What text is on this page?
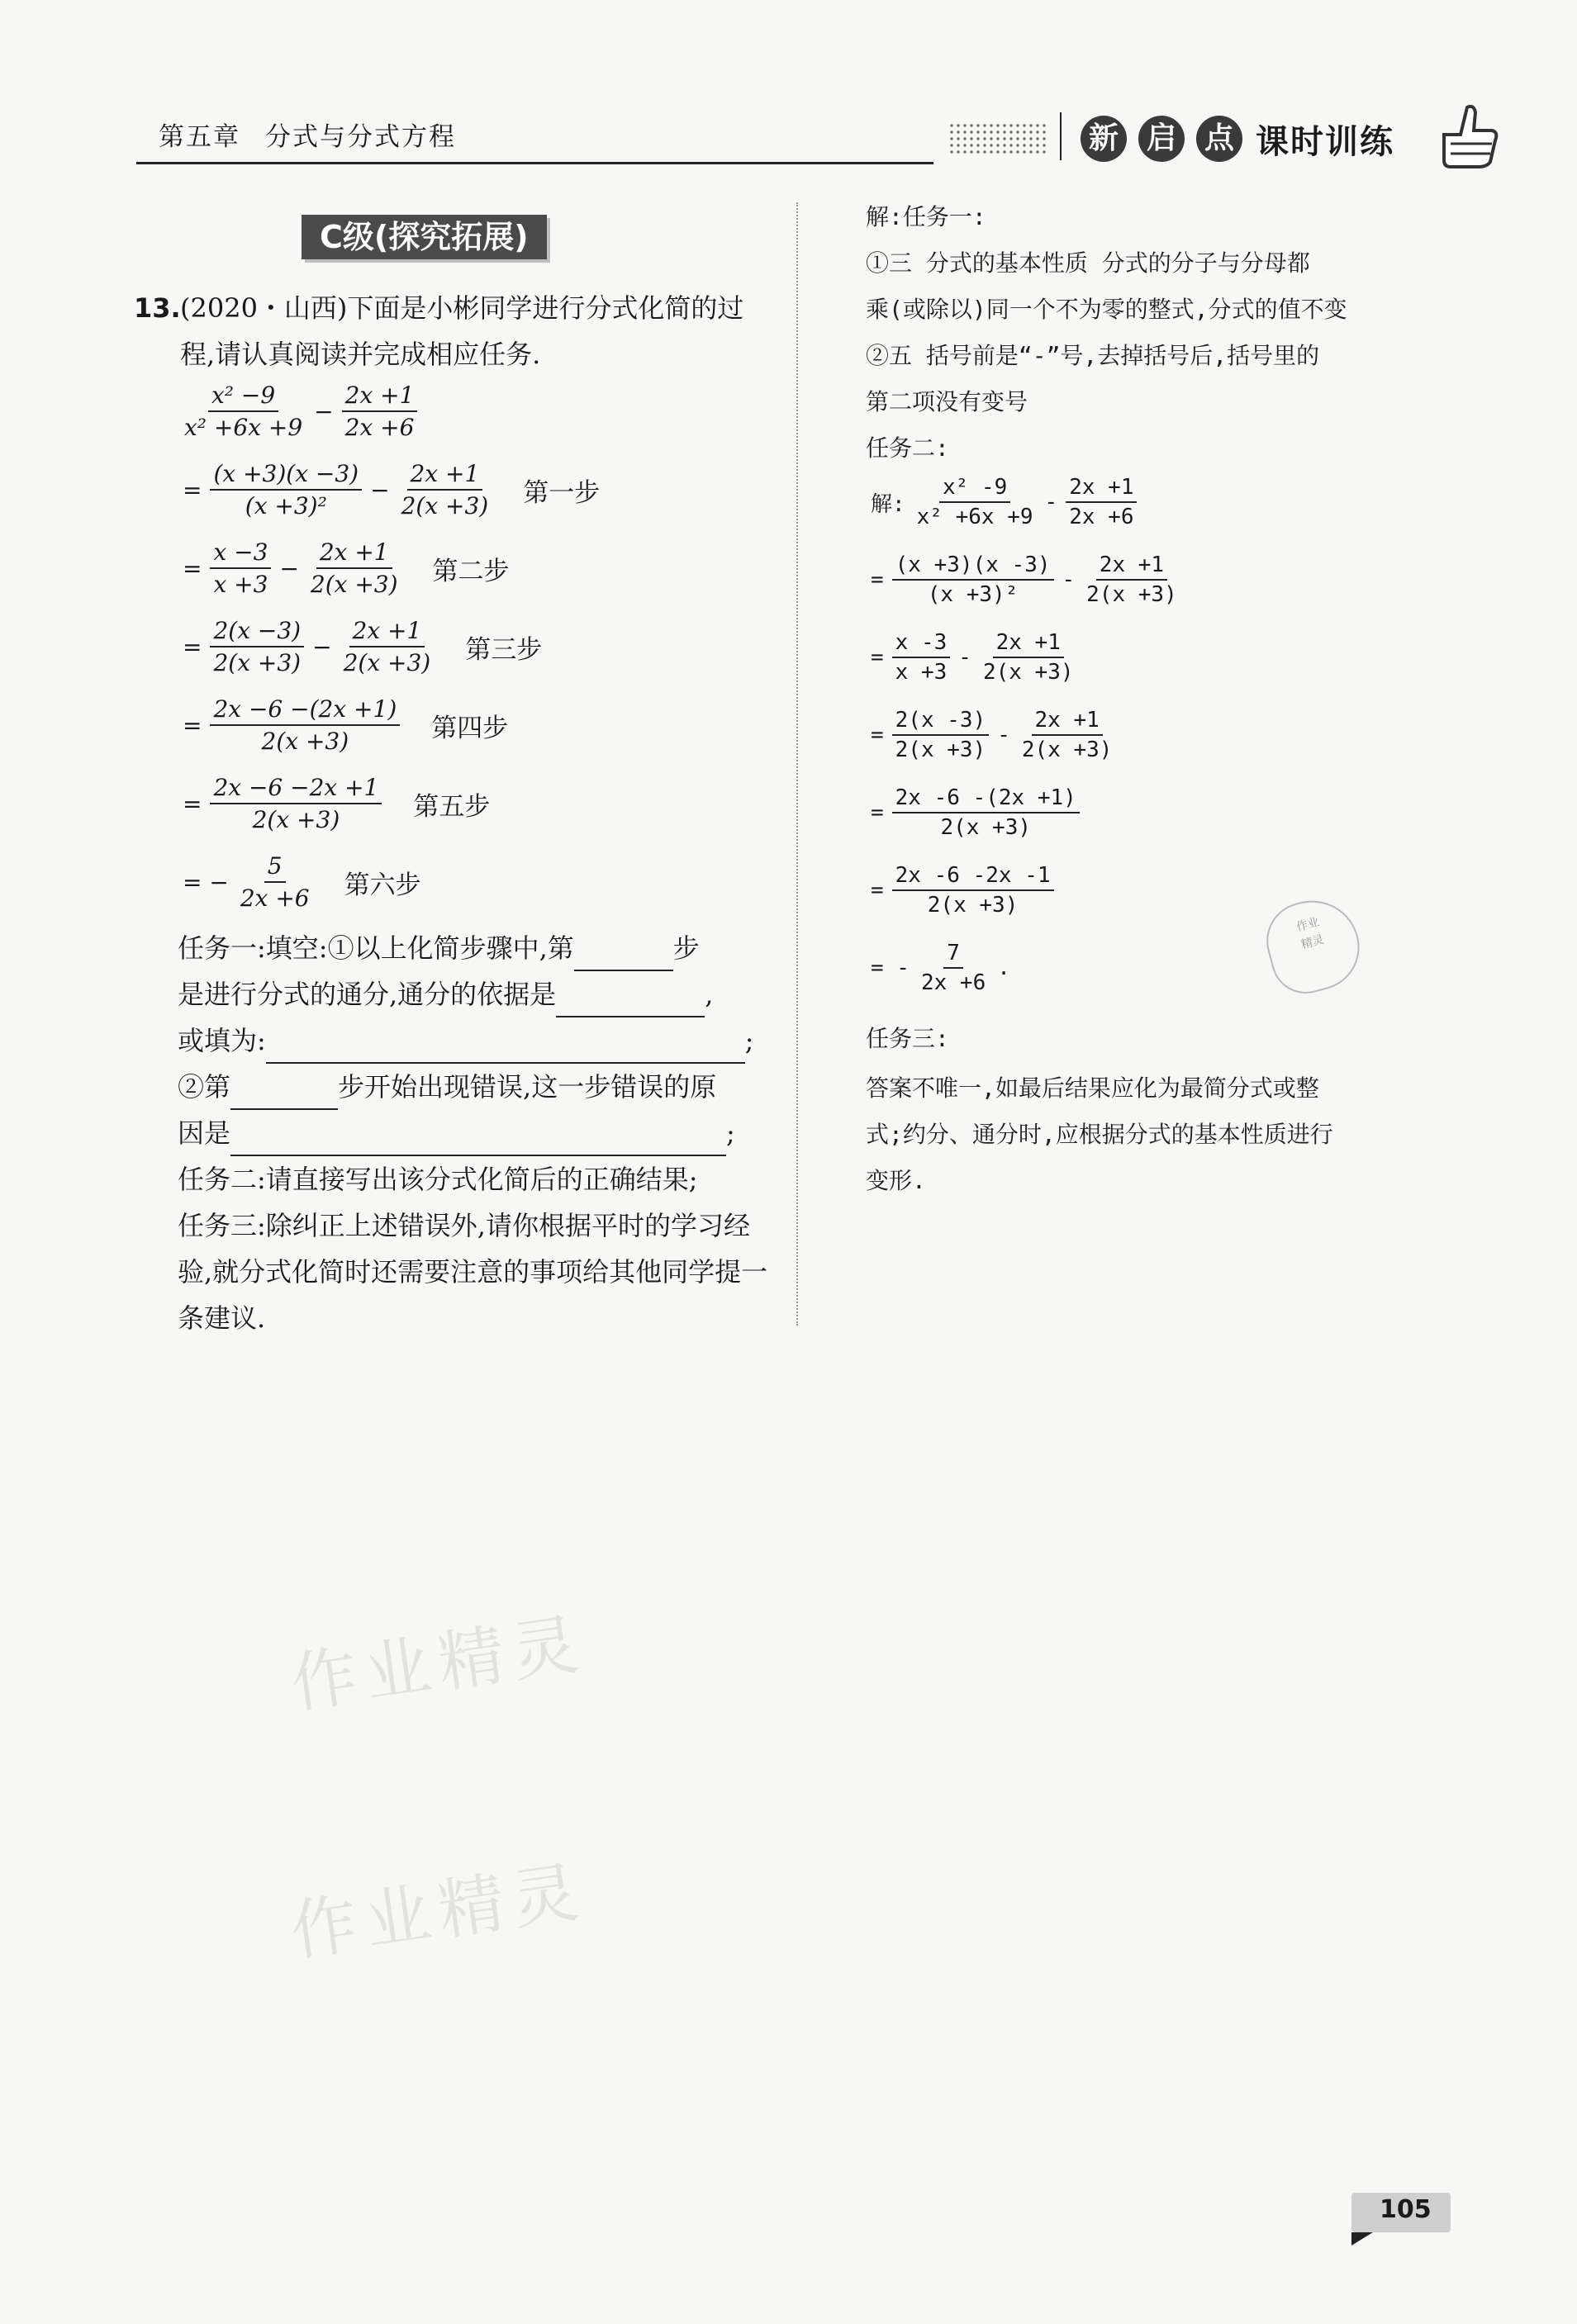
第五章 分式与分式方程	新 启 点 课时训练
C级(探究拓展)
13. (2020・山西)下面是小彬同学进行分式化简的过程,请认真阅读并完成相应任务.
$\frac{\text{x² −9}}{\text{x² +6x +9}} - \frac{2x +1}{2x +6}$
= $\frac{(x +3)(x -3)}{\text{(x +3)²}} - \frac{2x +1}{2(x +3)}$ 第一步
= $\frac{x -3}{x +3} - \frac{2x +1}{2(x +3)}$ 第二步
= $\frac{2(x -3)}{2(x +3)} - \frac{2x +1}{2(x +3)}$ 第三步
= $\frac{2x -6 -(2x +1)}{2(x +3)}$ 第四步
= $\frac{2x -6 -2x +1}{2(x +3)}$ 第五步
= − $\frac{5}{2x +6}$ 第六步
任务一:填空:①以上化简步骤中,第	步
是进行分式的通分,通分的依据是	,
或填为:	;
②第	步开始出现错误,这一步错误的原
因是	;
任务二:请直接写出该分式化简后的正确结果;
任务三:除纠正上述错误外,请你根据平时的学习经验,就分式化简时还需要注意的事项给其他同学提一条建议.
解:任务一:
①三 分式的基本性质 分式的分子与分母都
乘(或除以)同一个不为零的整式,分式的值不变
②五 括号前是“-”号,去掉括号后,括号里的
第二项没有变号
任务二:
解: $\frac{\text{x² -9}}{\text{x² +6x +9}} - \frac{2x +1}{2x +6}$
= $\frac{(x +3)(x -3)}{\text{(x +3)²}} - \frac{2x +1}{2(x +3)}$
= $\frac{x -3}{x +3} - \frac{2x +1}{2(x +3)}$
= $\frac{2(x -3)}{2(x +3)} - \frac{2x +1}{2(x +3)}$
= $\frac{2x -6 -(2x +1)}{2(x +3)}$
= $\frac{2x -6 -2x -1}{2(x +3)}$
= - $\frac{7}{2x +6}$ .
任务三:
答案不唯一,如最后结果应化为最简分式或整
式;约分、通分时,应根据分式的基本性质进行
变形.
作业
精灵
作业精灵
作业精灵
105
